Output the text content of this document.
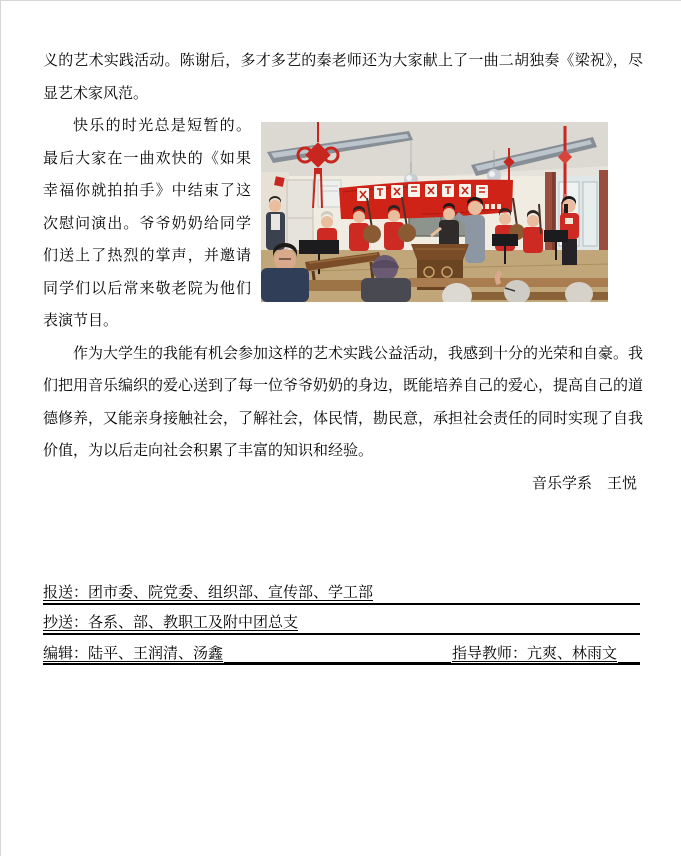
义的艺术实践活动。陈谢后，多才多艺的秦老师还为大家献上了一曲二胡独奏《梁祝》，尽显艺术家风范。

快乐的时光总是短暂的。最后大家在一曲欢快的《如果幸福你就拍拍手》中结束了这次慰问演出。爷爷奶奶给同学们送上了热烈的掌声，并邀请同学们以后常来敬老院为他们表演节目。

作为大学生的我能有机会参加这样的艺术实践公益活动，我感到十分的光荣和自豪。我们把用音乐编织的爱心送到了每一位爷爷奶奶的身边，既能培养自己的爱心，提高自己的道德修养，又能亲身接触社会，了解社会，体民情，勘民意，承担社会责任的同时实现了自我价值，为以后走向社会积累了丰富的知识和经验。

音乐学系　王悦

报送：团市委、院党委、组织部、宣传部、学工部
抄送：各系、部、教职工及附中团总支
编辑：陆平、王润清、汤鑫	指导教师：亢爽、林雨文
